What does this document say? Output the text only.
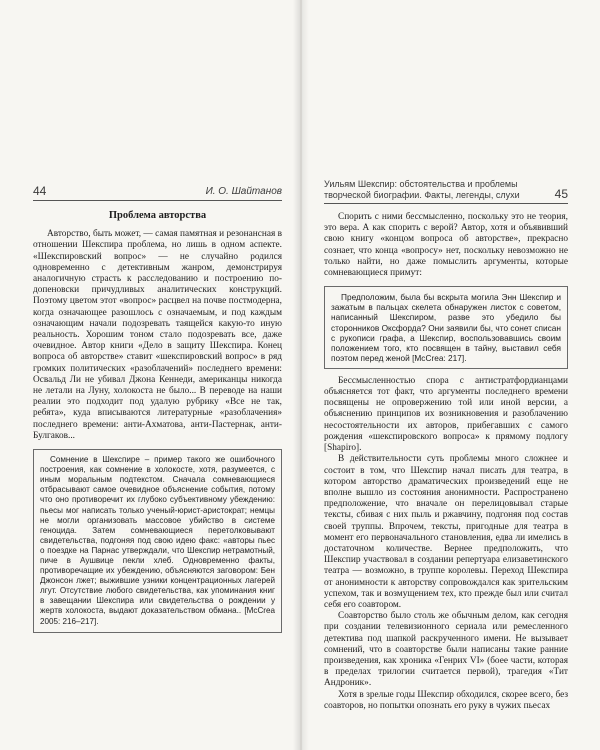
44	И. О. Шайтанов
Проблема авторства

Авторство, быть может, — самая памятная и резонансная в отношении Шекспира проблема, но лишь в одном аспекте. «Шекспировский вопрос» — не случайно родился одновременно с детективным жанром, демонстрируя аналогичную страсть к расследованию и построению по-допеновски причудливых аналитических конструкций. Поэтому цветом этот «вопрос» расцвел на почве постмодерна, когда означающее разошлось с означаемым, и под каждым означающим начали подозревать таящейся какую-то иную реальность. Хорошим тоном стало подозревать все, даже очевидное. Автор книги «Дело в защиту Шекспира. Конец вопроса об авторстве» ставит «шекспировский вопрос» в ряд громких политических «разоблачений» последнего времени: Освальд Ли не убивал Джона Кеннеди, американцы никогда не летали на Луну, холокоста не было... В переводе на наши реалии это подходит под удалую рубрику «Все не так, ребята», куда вписываются литературные «разоблачения» последнего времени: анти-Ахматова, анти-Пастернак, анти-Булгаков...

Сомнение в Шекспире – пример такого же ошибочного построения, как сомнение в холокосте, хотя, разумеется, с иным моральным подтекстом. Сначала сомневающиеся отбрасывают самое очевидное объяснение события, потому что оно противоречит их глубоко субъективному убеждению: пьесы мог написать только ученый-юрист-аристократ; немцы не могли организовать массовое убийство в системе геноцида. Затем сомневающиеся перетолковывают свидетельства, подгоняя под свою идею факс: «авторы пьес о поездке на Парнас утверждали, что Шекспир нетрамотный, пиче в Аушвице пекли хлеб. Одновременно факты, противоречащие их убеждению, объясняются заговором: Бен Джонсон лжет; выжившие узники концентрационных лагерей лгут. Отсутствие любого свидетельства, как упоминания книг в завещании Шекспира или свидетельства о рождении у жертв холокоста, выдают доказательством обмана.. [McCrea 2005: 216–217].

Уильям Шекспир: обстоятельства и проблемы творческой биографии. Факты, легенды, слухи	45

Спорить с ними бессмысленно, поскольку это не теория, это вера. А как спорить с верой? Автор, хотя и объявивший свою книгу «концом вопроса об авторстве», прекрасно сознает, что конца «вопросу» нет, поскольку невозможно не только найти, но даже помыслить аргументы, которые сомневающиеся примут:

Предположим, была бы вскрыта могила Энн Шекспир и зажатым в пальцах скелета обнаружен листок с советом, написанный Шекспиром, разве это убедило бы сторонников Оксфорда? Они заявили бы, что сонет списан с рукописи графа, а Шекспир, воспользовавшись своим положением того, кто посвящен в тайну, выставил себя поэтом перед женой [McCrea: 217].

Бессмысленностью спора с антистратфордианцами объясняется тот факт, что аргументы последнего времени посвящены не опровержению той или иной версии, а объяснению принципов их возникновения и разоблачению несостоятельности их авторов, прибегавших с самого рождения «шекспировского вопроса» к прямому подлогу [Shapiro].

В действительности суть проблемы много сложнее и состоит в том, что Шекспир начал писать для театра, в котором авторство драматических произведений еще не вполне вышло из состояния анонимности. Распространено предположение, что вначале он перелицовывал старые тексты, сбивая с них пыль и ржавчину, подгоняя под состав своей труппы. Впрочем, тексты, пригодные для театра в момент его первоначального становления, едва ли имелись в достаточном количестве. Вернее предположить, что Шекспир участвовал в создании репертуара елизаветинского театра — возможно, в труппе королевы. Переход Шекспира от анонимности к авторству сопровождался как зрительским успехом, так и возмущением тех, кто прежде был или считал себя его соавтором.

Соавторство было столь же обычным делом, как сегодня при создании телевизионного сериала или ремесленного детектива под шапкой раскрученного имени. Не вызывает сомнений, что в соавторстве были написаны такие ранние произведения, как хроника «Генрих VI» (боее части, которая в пределах трилогии считается первой), трагедия «Тит Андроник».

Хотя в зрелые годы Шекспир обходился, скорее всего, без соавторов, но попытки опознать его руку в чужих пьесах
